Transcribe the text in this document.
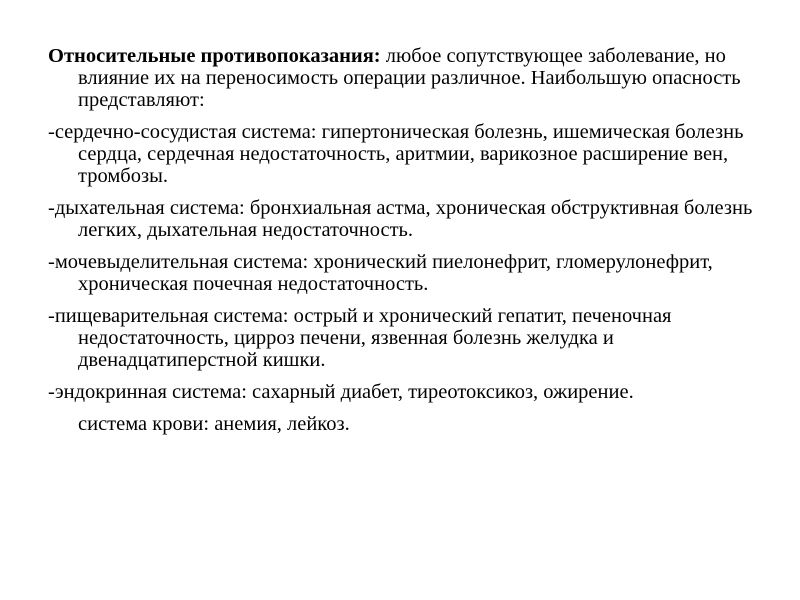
Относительные противопоказания: любое сопутствующее заболевание, но влияние их на переносимость операции различное. Наибольшую опасность представляют:

-сердечно-сосудистая система: гипертоническая болезнь, ишемическая болезнь сердца, сердечная недостаточность, аритмии, варикозное расширение вен, тромбозы.

-дыхательная система: бронхиальная астма, хроническая обструктивная болезнь легких, дыхательная недостаточность.

-мочевыделительная система: хронический пиелонефрит, гломерулонефрит, хроническая почечная недостаточность.

-пищеварительная система: острый и хронический гепатит, печеночная недостаточность, цирроз печени, язвенная болезнь желудка и двенадцатиперстной кишки.

-эндокринная система: сахарный диабет, тиреотоксикоз, ожирение.

система крови: анемия, лейкоз.
